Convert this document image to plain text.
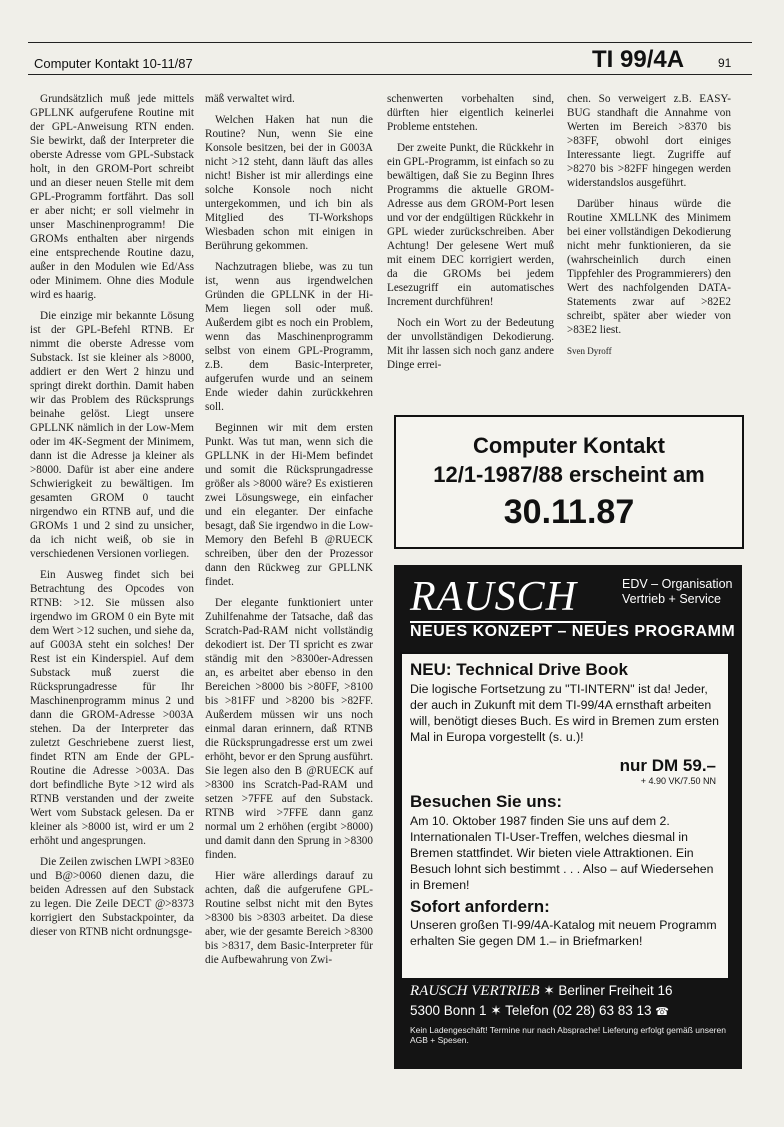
Computer Kontakt 10-11/87	TI 99/4A	91

Grundsätzlich muß jede mittels GPLLNK aufgerufene Routine mit der GPL-Anweisung RTN enden. Sie bewirkt, daß der Interpreter die oberste Adresse vom GPL-Substack holt, in den GROM-Port schreibt und an dieser neuen Stelle mit dem GPL-Programm fortfährt. Das soll er aber nicht; er soll vielmehr in unser Maschinenprogramm! Die GROMs enthalten aber nirgends eine entsprechende Routine dazu, außer in den Modulen wie Ed/Ass oder Minimem. Ohne dies Module wird es haarig.

Die einzige mir bekannte Lösung ist der GPL-Befehl RTNB. Er nimmt die oberste Adresse vom Substack. Ist sie kleiner als >8000, addiert er den Wert 2 hinzu und springt direkt dorthin. Damit haben wir das Problem des Rücksprungs beinahe gelöst. Liegt unsere GPLLNK nämlich in der Low-Mem oder im 4K-Segment der Minimem, dann ist die Adresse ja kleiner als >8000. Dafür ist aber eine andere Schwierigkeit zu bewältigen. Im gesamten GROM 0 taucht nirgendwo ein RTNB auf, und die GROMs 1 und 2 sind zu unsicher, da ich nicht weiß, ob sie in verschiedenen Versionen vorliegen.

Ein Ausweg findet sich bei Betrachtung des Opcodes von RTNB: >12. Sie müssen also irgendwo im GROM 0 ein Byte mit dem Wert >12 suchen, und siehe da, auf G003A steht ein solches! Der Rest ist ein Kinderspiel. Auf dem Substack muß zuerst die Rücksprungadresse für Ihr Maschinenprogramm minus 2 und dann die GROM-Adresse >003A stehen. Da der Interpreter das zuletzt Geschriebene zuerst liest, findet RTN am Ende der GPL-Routine die Adresse >003A. Das dort befindliche Byte >12 wird als RTNB verstanden und der zweite Wert vom Substack gelesen. Da er kleiner als >8000 ist, wird er um 2 erhöht und angesprungen.

Die Zeilen zwischen LWPI >83E0 und B@>0060 dienen dazu, die beiden Adressen auf den Substack zu legen. Die Zeile DECT @>8373 korrigiert den Substackpointer, da dieser von RTNB nicht ordnungsge-

mäß verwaltet wird.

Welchen Haken hat nun die Routine? Nun, wenn Sie eine Konsole besitzen, bei der in G003A nicht >12 steht, dann läuft das alles nicht! Bisher ist mir allerdings eine solche Konsole noch nicht untergekommen, und ich bin als Mitglied des TI-Workshops Wiesbaden schon mit einigen in Berührung gekommen.

Nachzutragen bliebe, was zu tun ist, wenn aus irgendwelchen Gründen die GPLLNK in der Hi-Mem liegen soll oder muß. Außerdem gibt es noch ein Problem, wenn das Maschinenprogramm selbst von einem GPL-Programm, z.B. dem Basic-Interpreter, aufgerufen wurde und an seinem Ende wieder dahin zurückkehren soll.

Beginnen wir mit dem ersten Punkt. Was tut man, wenn sich die GPLLNK in der Hi-Mem befindet und somit die Rücksprungadresse größer als >8000 wäre? Es existieren zwei Lösungswege, ein einfacher und ein eleganter. Der einfache besagt, daß Sie irgendwo in die Low-Memory den Befehl B @RUECK schreiben, über den der Prozessor dann den Rückweg zur GPLLNK findet.

Der elegante funktioniert unter Zuhilfenahme der Tatsache, daß das Scratch-Pad-RAM nicht vollständig dekodiert ist. Der TI spricht es zwar ständig mit den >8300er-Adressen an, es arbeitet aber ebenso in den Bereichen >8000 bis >80FF, >8100 bis >81FF und >8200 bis >82FF. Außerdem müssen wir uns noch einmal daran erinnern, daß RTNB die Rücksprungadresse erst um zwei erhöht, bevor er den Sprung ausführt. Sie legen also den B @RUECK auf >8300 ins Scratch-Pad-RAM und setzen >7FFE auf den Substack. RTNB wird >7FFE dann ganz normal um 2 erhöhen (ergibt >8000) und damit dann den Sprung in >8300 finden.

Hier wäre allerdings darauf zu achten, daß die aufgerufene GPL-Routine selbst nicht mit den Bytes >8300 bis >8303 arbeitet. Da diese aber, wie der gesamte Bereich >8300 bis >8317, dem Basic-Interpreter für die Aufbewahrung von Zwi-

schenwerten vorbehalten sind, dürften hier eigentlich keinerlei Probleme entstehen.

Der zweite Punkt, die Rückkehr in ein GPL-Programm, ist einfach so zu bewältigen, daß Sie zu Beginn Ihres Programms die aktuelle GROM-Adresse aus dem GROM-Port lesen und vor der endgültigen Rückkehr in GPL wieder zurückschreiben. Aber Achtung! Der gelesene Wert muß mit einem DEC korrigiert werden, da die GROMs bei jedem Lesezugriff ein automatisches Increment durchführen!

Noch ein Wort zu der Bedeutung der unvollständigen Dekodierung. Mit ihr lassen sich noch ganz andere Dinge errei-

chen. So verweigert z.B. EASY-BUG standhaft die Annahme von Werten im Bereich >8370 bis >83FF, obwohl dort einiges Interessante liegt. Zugriffe auf >8270 bis >82FF hingegen werden widerstandslos ausgeführt.

Darüber hinaus würde die Routine XMLLNK des Minimem bei einer vollständigen Dekodierung nicht mehr funktionieren, da sie (wahrscheinlich durch einen Tippfehler des Programmierers) den Wert des nachfolgenden DATA-Statements zwar auf >82E2 schreibt, später aber wieder von >83E2 liest.

Sven Dyroff

Computer Kontakt
12/1-1987/88 erscheint am
30.11.87
RAUSCH	EDV – Organisation
Vertrieb + Service
NEUES KONZEPT – NEUES PROGRAMM
NEU: Technical Drive Book

Die logische Fortsetzung zu "TI-INTERN" ist da! Jeder, der auch in Zukunft mit dem TI-99/4A ernsthaft arbeiten will, benötigt dieses Buch. Es wird in Bremen zum ersten Mal in Europa vorgestellt (s. u.)!

nur DM 59.–
+ 4.90 VK/7.50 NN
Besuchen Sie uns:

Am 10. Oktober 1987 finden Sie uns auf dem 2. Internationalen TI-User-Treffen, welches diesmal in Bremen stattfindet. Wir bieten viele Attraktionen. Ein Besuch lohnt sich bestimmt . . . Also – auf Wiedersehen in Bremen!

Sofort anfordern:

Unseren großen TI-99/4A-Katalog mit neuem Programm erhalten Sie gegen DM 1.– in Briefmarken!

RAUSCH VERTRIEB ✶ Berliner Freiheit 16
5300 Bonn 1 ✶ Telefon (02 28) 63 83 13 ☎
Kein Ladengeschäft! Termine nur nach Absprache! Lieferung erfolgt gemäß unseren AGB + Spesen.
